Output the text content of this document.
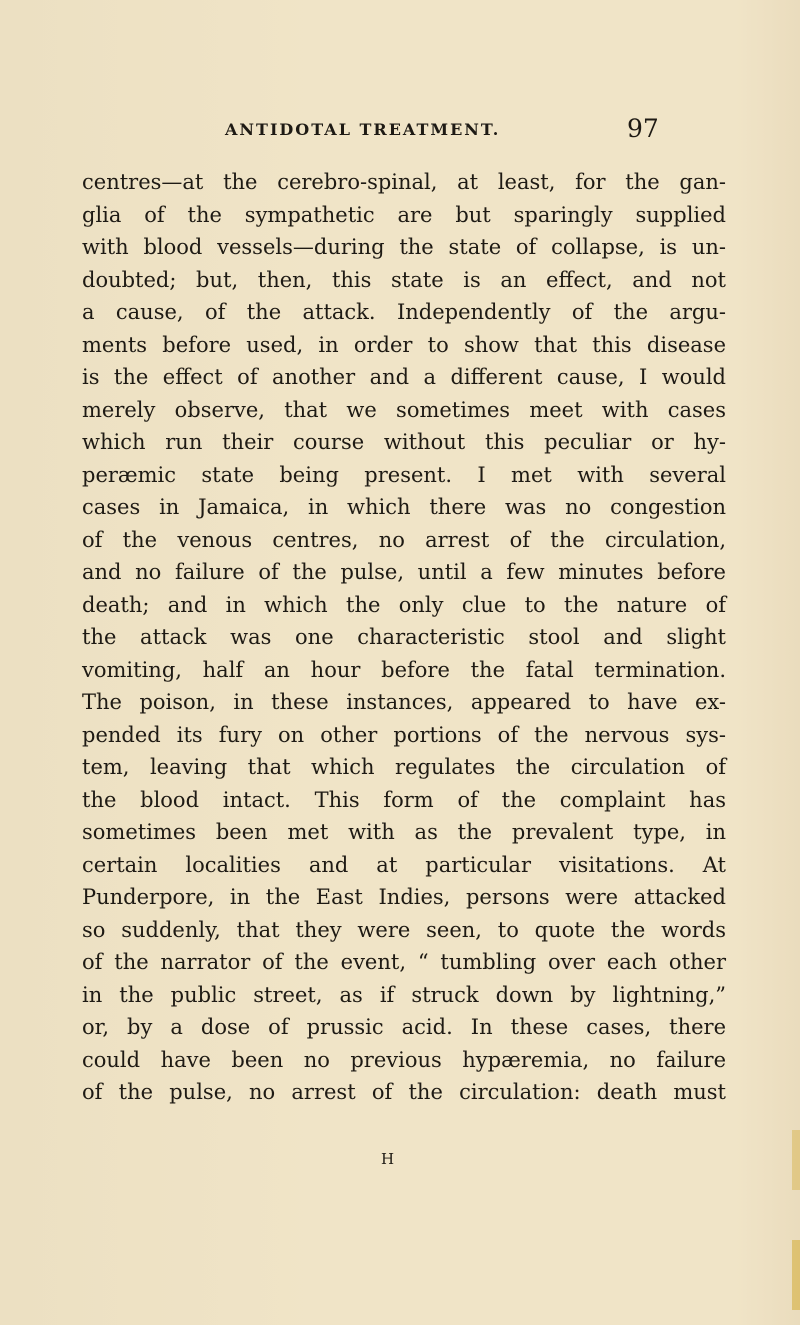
ANTIDOTAL TREATMENT.	97
centres—at the cerebro-spinal, at least, for the gan-
glia of the sympathetic are but sparingly supplied
with blood vessels—during the state of collapse, is un-
doubted; but, then, this state is an effect, and not
a cause, of the attack. Independently of the argu-
ments before used, in order to show that this disease
is the effect of another and a different cause, I would
merely observe, that we sometimes meet with cases
which run their course without this peculiar or hy-
peræmic state being present. I met with several
cases in Jamaica, in which there was no congestion
of the venous centres, no arrest of the circulation,
and no failure of the pulse, until a few minutes before
death; and in which the only clue to the nature of
the attack was one characteristic stool and slight
vomiting, half an hour before the fatal termination.
The poison, in these instances, appeared to have ex-
pended its fury on other portions of the nervous sys-
tem, leaving that which regulates the circulation of
the blood intact. This form of the complaint has
sometimes been met with as the prevalent type, in
certain localities and at particular visitations. At
Punderpore, in the East Indies, persons were attacked
so suddenly, that they were seen, to quote the words
of the narrator of the event, “ tumbling over each other
in the public street, as if struck down by lightning,”
or, by a dose of prussic acid. In these cases, there
could have been no previous hypæremia, no failure
of the pulse, no arrest of the circulation: death must
H
